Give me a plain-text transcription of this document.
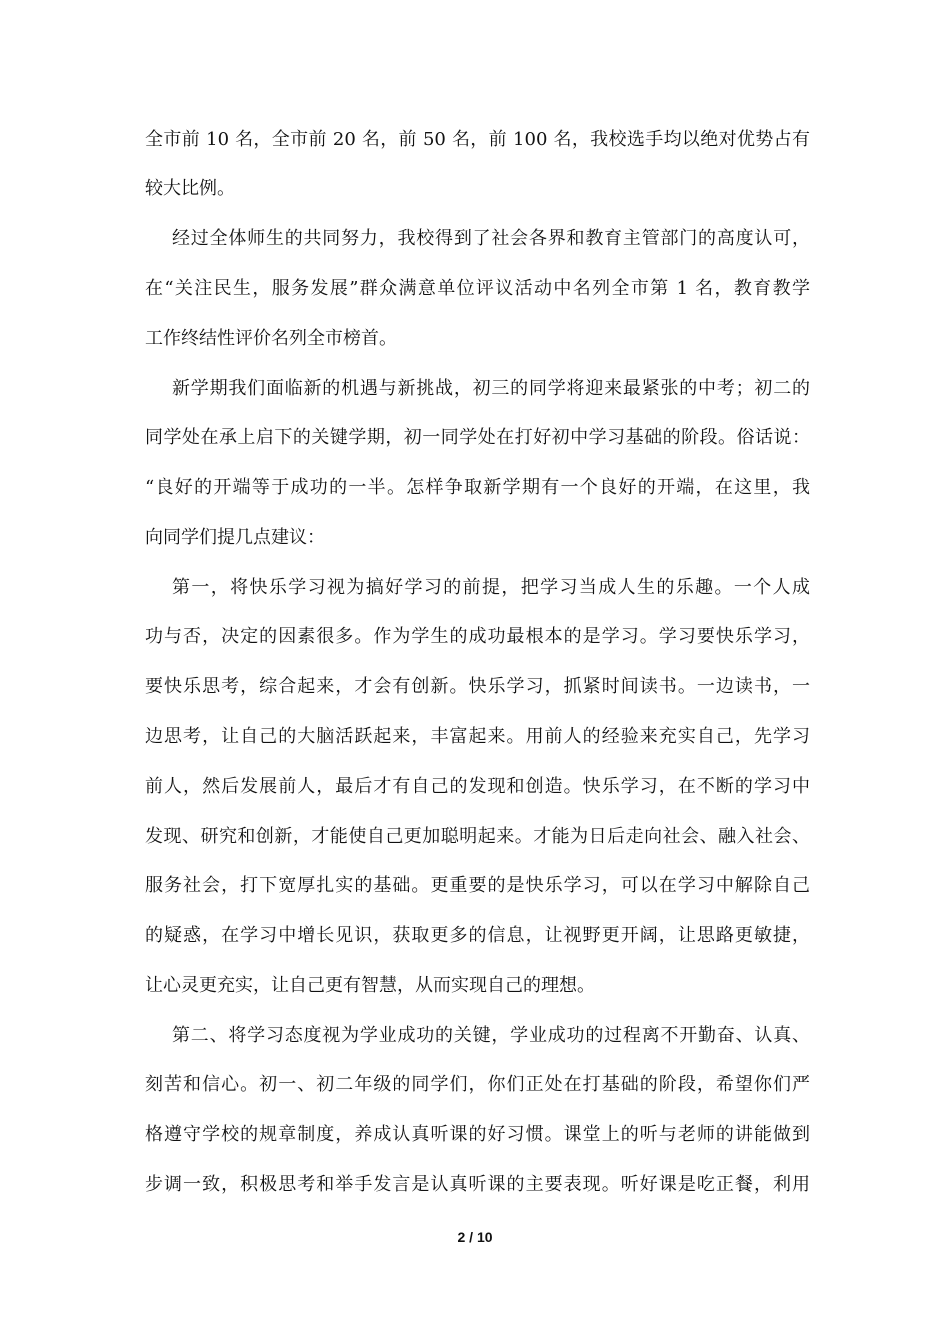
全市前 10 名，全市前 20 名，前 50 名，前 100 名，我校选手均以绝对优势占有
较大比例。
经过全体师生的共同努力，我校得到了社会各界和教育主管部门的高度认可，
在“关注民生，服务发展”群众满意单位评议活动中名列全市第 1 名，教育教学
工作终结性评价名列全市榜首。
新学期我们面临新的机遇与新挑战，初三的同学将迎来最紧张的中考；初二的
同学处在承上启下的关键学期，初一同学处在打好初中学习基础的阶段。俗话说：
“良好的开端等于成功的一半。怎样争取新学期有一个良好的开端，在这里，我
向同学们提几点建议：
第一，将快乐学习视为搞好学习的前提，把学习当成人生的乐趣。一个人成
功与否，决定的因素很多。作为学生的成功最根本的是学习。学习要快乐学习，
要快乐思考，综合起来，才会有创新。快乐学习，抓紧时间读书。一边读书，一
边思考，让自己的大脑活跃起来，丰富起来。用前人的经验来充实自己，先学习
前人，然后发展前人，最后才有自己的发现和创造。快乐学习，在不断的学习中
发现、研究和创新，才能使自己更加聪明起来。才能为日后走向社会、融入社会、
服务社会，打下宽厚扎实的基础。更重要的是快乐学习，可以在学习中解除自己
的疑惑，在学习中增长见识，获取更多的信息，让视野更开阔，让思路更敏捷，
让心灵更充实，让自己更有智慧，从而实现自己的理想。
第二、将学习态度视为学业成功的关键，学业成功的过程离不开勤奋、认真、
刻苦和信心。初一、初二年级的同学们，你们正处在打基础的阶段，希望你们严
格遵守学校的规章制度，养成认真听课的好习惯。课堂上的听与老师的讲能做到
步调一致，积极思考和举手发言是认真听课的主要表现。听好课是吃正餐，利用
2 / 10
